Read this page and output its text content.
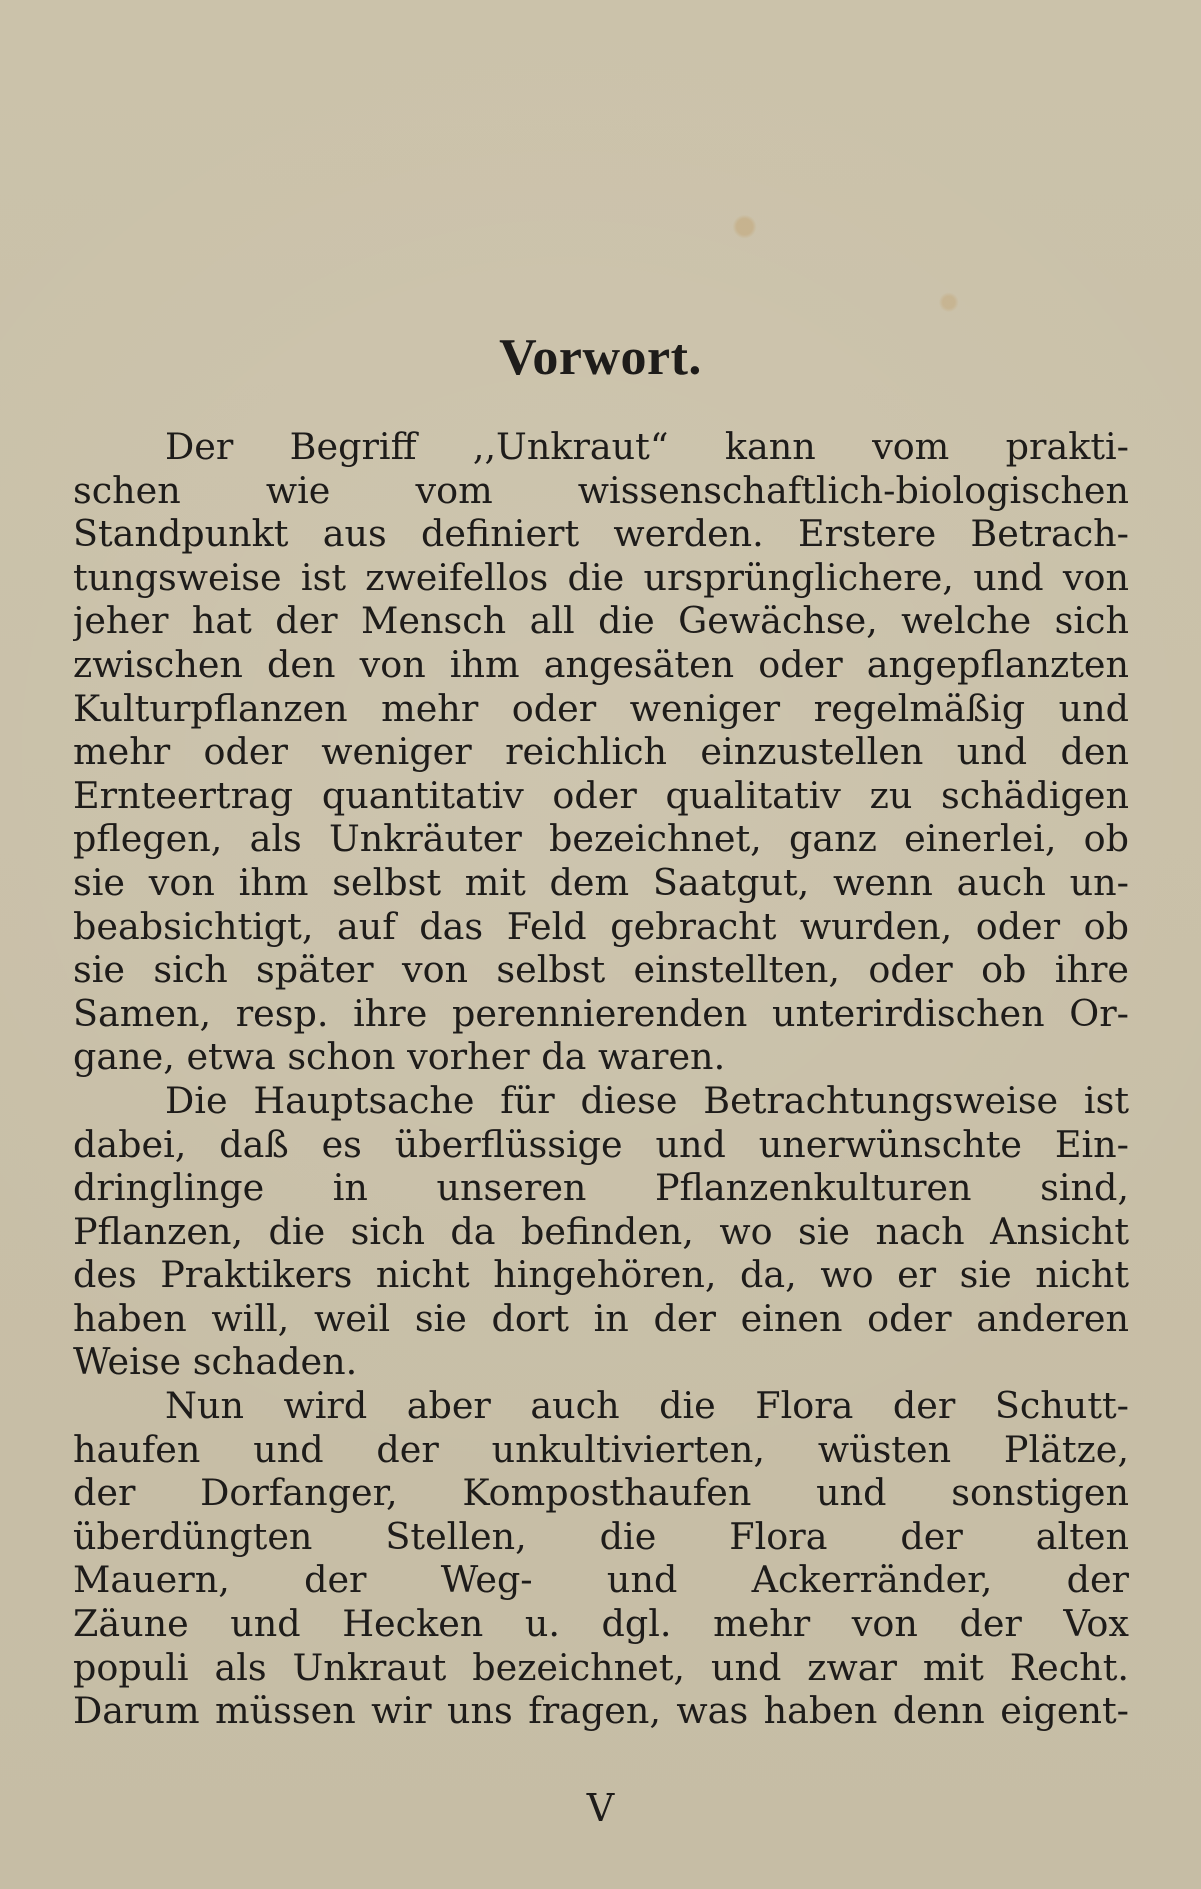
Vorwort.
Der Begriff ,,Unkraut“ kann vom prakti-
schen wie vom wissenschaftlich-biologischen
Standpunkt aus definiert werden. Erstere Betrach-
tungsweise ist zweifellos die ursprünglichere, und von
jeher hat der Mensch all die Gewächse, welche sich
zwischen den von ihm angesäten oder angepflanzten
Kulturpflanzen mehr oder weniger regelmäßig und
mehr oder weniger reichlich einzustellen und den
Ernteertrag quantitativ oder qualitativ zu schädigen
pflegen, als Unkräuter bezeichnet, ganz einerlei, ob
sie von ihm selbst mit dem Saatgut, wenn auch un-
beabsichtigt, auf das Feld gebracht wurden, oder ob
sie sich später von selbst einstellten, oder ob ihre
Samen, resp. ihre perennierenden unterirdischen Or-
gane, etwa schon vorher da waren.
Die Hauptsache für diese Betrachtungsweise ist
dabei, daß es überflüssige und unerwünschte Ein-
dringlinge in unseren Pflanzenkulturen sind,
Pflanzen, die sich da befinden, wo sie nach Ansicht
des Praktikers nicht hingehören, da, wo er sie nicht
haben will, weil sie dort in der einen oder anderen
Weise schaden.
Nun wird aber auch die Flora der Schutt-
haufen und der unkultivierten, wüsten Plätze,
der Dorfanger, Komposthaufen und sonstigen
überdüngten Stellen, die Flora der alten
Mauern, der Weg- und Ackerränder, der
Zäune und Hecken u. dgl. mehr von der Vox
populi als Unkraut bezeichnet, und zwar mit Recht.
Darum müssen wir uns fragen, was haben denn eigent-
V
